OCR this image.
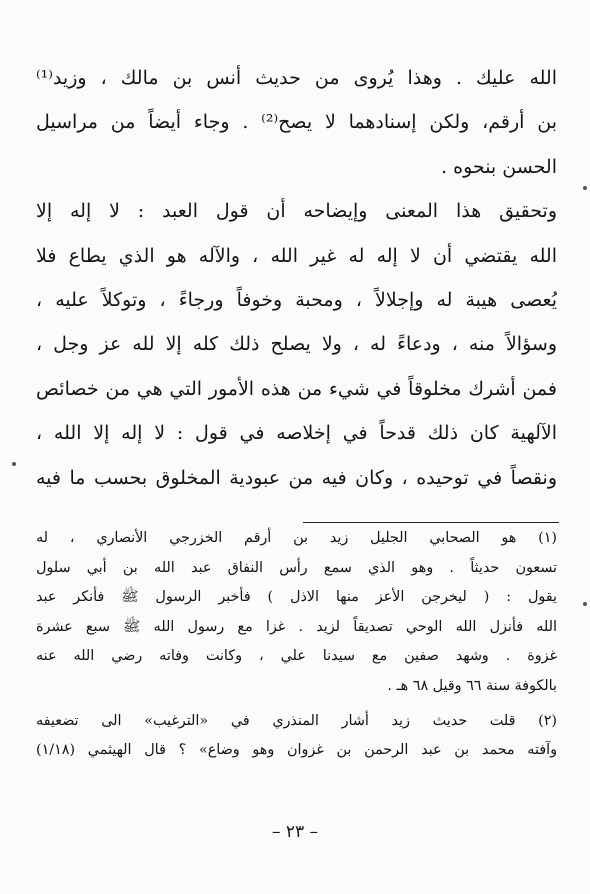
الله عليك . وهذا يُروى من حديث أنس بن مالك ، وزيد⁽¹⁾
بن أرقم، ولكن إسنادهما لا يصح⁽²⁾ . وجاء أيضاً من مراسيل
الحسن بنحوه .
وتحقيق هذا المعنى وإيضاحه أن قول العبد : لا إله إلا
الله يقتضي أن لا إله له غير الله ، والآله هو الذي يطاع فلا
يُعصى هيبة له وإجلالاً ، ومحبة وخوفاً ورجاءً ، وتوكلاً عليه ،
وسؤالاً منه ، ودعاءً له ، ولا يصلح ذلك كله إلا لله عز وجل ،
فمن أشرك مخلوقاً في شيء من هذه الأمور التي هي من خصائص
الآلهية كان ذلك قدحاً في إخلاصه في قول : لا إله إلا الله ،
ونقصاً في توحيده ، وكان فيه من عبودية المخلوق بحسب ما فيه
(١) هو الصحابي الجليل زيد بن أرقم الخزرجي الأنصاري ، له
تسعون حديثاً . وهو الذي سمع رأس النفاق عبد الله بن أبي سلول
يقول : ( ليخرجن الأعز منها الاذل ) فأخبر الرسول ﷺ فأنكر عبد
الله فأنزل الله الوحي تصديقاً لزيد . غزا مع رسول الله ﷺ سبع عشرة
غزوة . وشهد صفين مع سيدنا علي ، وكانت وفاته رضي الله عنه
بالكوفة سنة ٦٦ وقيل ٦٨ هـ .
(٢) قلت حديث زيد أشار المنذري في «الترغيب» الى تضعيفه
وآفته محمد بن عبد الرحمن بن غزوان وهو وضاع» ؟ قال الهيثمي (١/١٨)
– ٢٣ –
